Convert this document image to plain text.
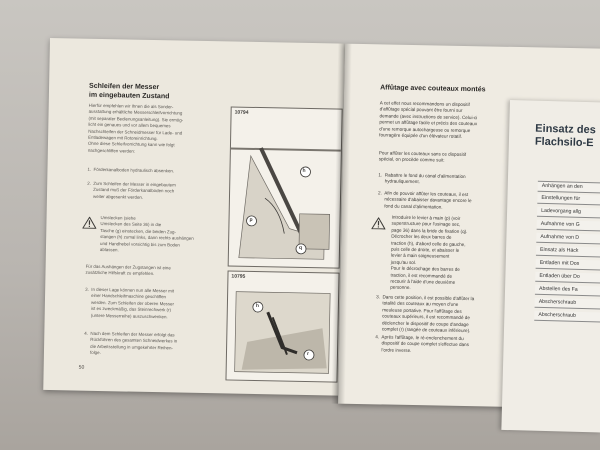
Schleifen der Messer
im eingebauten Zustand
Hierfür empfehlen wir Ihnen die als Sonder-
ausstattung erhältliche Messerschleifvorrichtung
(mit separater Bedienungsanleitung). Sie ermög-
licht ein genaues und vor allem bequemes
Nachschleifen der Schneidmesser für Lade- und
Entladewagen mit Rotoreinrichtung.
Ohne diese Schleifvorrichtung kann wie folgt
nachgeschliffen werden:
1.  Förderkanalboden hydraulisch absenken.
2.  Zum Schleifen der Messer in eingebautem
Zustand muß der Förderkanalboden noch
weiter abgesenkt werden.
Umstecken (siehe
Umstecken des Seite 36) in die
Tasche (g) einstecken, die beiden Zug-
stangen (h) zumal links, dann rechts aushängen
und Handhebel vorsichtig bis zum Boden
ablassen.
Für das Aushängen der Zugstangen ist eine
zusätzliche Hilfskraft zu empfehlen.
3.  In dieser Lage können nun alle Messer mit
einer Handschleifmaschine geschliffen
werden. Zum Schleifen der oberen Messer
ist es zweckmäßig, das Steinrechwerk (r)
(untere Messerreihe) auszuschwenken.
4.  Nach dem Schleifen der Messer erfolgt das
Rückführen des gesamten Schneidwerkes in
die Arbeitsstellung in umgekehrter Reihen-
folge.
50
10794
h
p
q
10795
h
r
Affûtage avec couteaux montés
A cet effet nous recommandons un dispositif
d'affûtage spécial pouvant être fourni sur
demande (avec instructions de service). Celui-ci
permet un affûtage facile et précis des couteaux
d'une remorque autochargeuse ou remorque
fourragère équipée d'un élévateur rotatif.
Pour affûter les couteaux sans ce dispositif
spécial, on procède comme suit:
1.  Rabattre le fond du canal d'alimentation
hydrauliquement.
2.  Afin de pouvoir affûter les couteaux, il est
nécessaire d'abaisser davantage encore le
fond du canal d'alimentation.
Introduire le levier à main (p) (voir
superstructure pour l'usinage sec,
page 36) dans la bride de fixation (q).
Décrocher les deux barres de
traction (h), d'abord celle de gauche,
puis celle de droite, et abaisser le
levier à main soigneusement
jusqu'au sol.
Pour le décrochage des barres de
traction, il est recommandé de
recourir à l'aide d'une deuxième
personne.
3.  Dans cette position, il est possible d'affûter la
totalité des couteaux au moyen d'une
meuleuse portative. Pour l'affûtage des
couteaux supérieurs, il est recommandé de
déclencher le dispositif de coupe d'andage
complet (r) (rangée de couteaux inférieure).
4.  Après l'affûtage, le ré-enclenchement du
dispositif de coupe complet s'effectue dans
l'ordre inverse.
Einsatz des
Flachsilo-E
Anhängen an den
Einstellungen für
Ladevorgang allg
Aufnahme von G
Aufnahme von D
Einsatz als Häck
Entladen mit Dos
Entladen über Do
Abstellen des Fa
Abscherschraub
Abscherschraub
